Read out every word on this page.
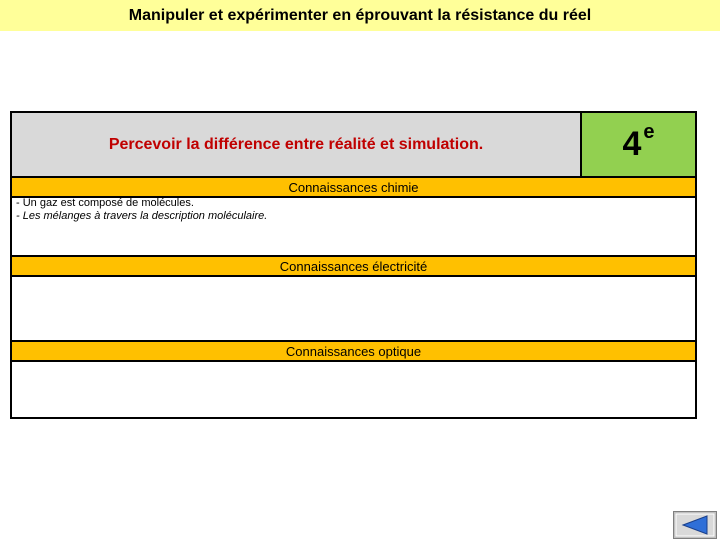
Manipuler et expérimenter en éprouvant la résistance du réel
Percevoir la différence entre réalité et simulation.	4 e
Connaissances chimie
- Un gaz est composé de molécules.
- Les mélanges à travers la description moléculaire.
Connaissances électricité
Connaissances optique
